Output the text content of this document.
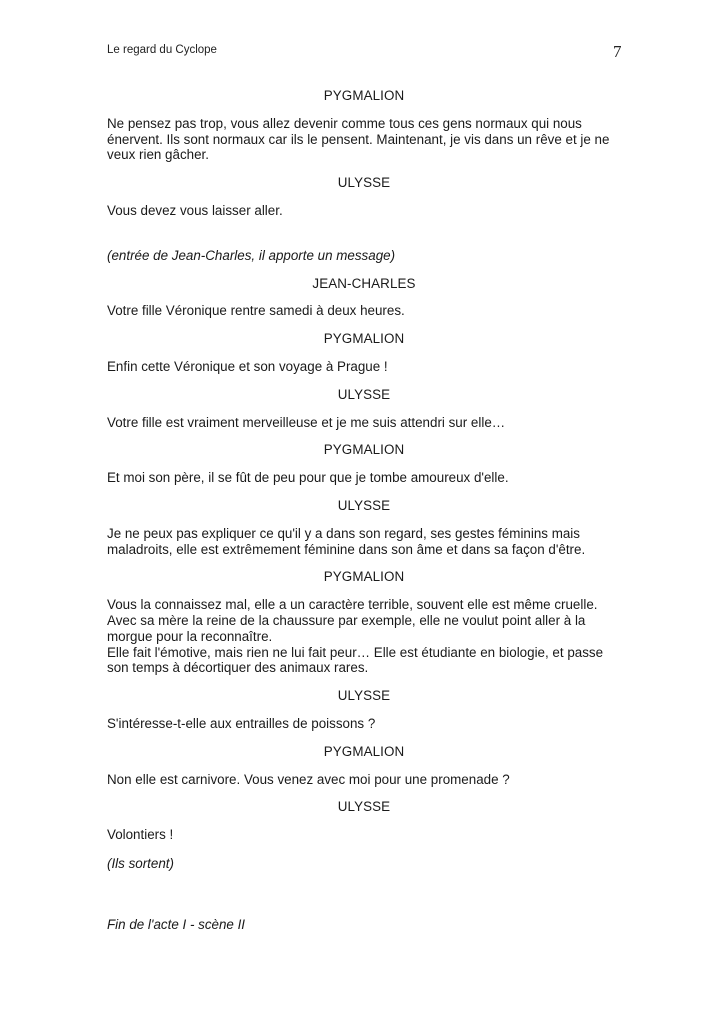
Le regard du Cyclope	7

PYGMALION

Ne pensez pas trop, vous allez devenir comme tous ces gens normaux qui nous
énervent. Ils sont normaux car ils le pensent. Maintenant, je vis dans un rêve et je ne
veux rien gâcher.

ULYSSE

Vous devez vous laisser aller.

(entrée de Jean-Charles, il apporte un message)

JEAN-CHARLES

Votre fille Véronique rentre samedi à deux heures.

PYGMALION

Enfin cette Véronique et son voyage à Prague !

ULYSSE

Votre fille est vraiment merveilleuse et je me suis attendri sur elle…

PYGMALION

Et moi son père, il se fût de peu pour que je tombe amoureux d'elle.

ULYSSE

Je ne peux pas expliquer ce qu'il y a dans son regard, ses gestes féminins mais
maladroits, elle est extrêmement féminine dans son âme et dans sa façon d'être.

PYGMALION

Vous la connaissez mal, elle a un caractère terrible, souvent elle est même cruelle.
Avec sa mère la reine de la chaussure par exemple, elle ne voulut point aller à la
morgue pour la reconnaître.
Elle fait l'émotive, mais rien ne lui fait peur… Elle est étudiante en biologie, et passe
son temps à décortiquer des animaux rares.

ULYSSE

S'intéresse-t-elle aux entrailles de poissons ?

PYGMALION

Non elle est carnivore. Vous venez avec moi pour une promenade ?

ULYSSE

Volontiers !

(Ils sortent)

Fin de l'acte I - scène II
